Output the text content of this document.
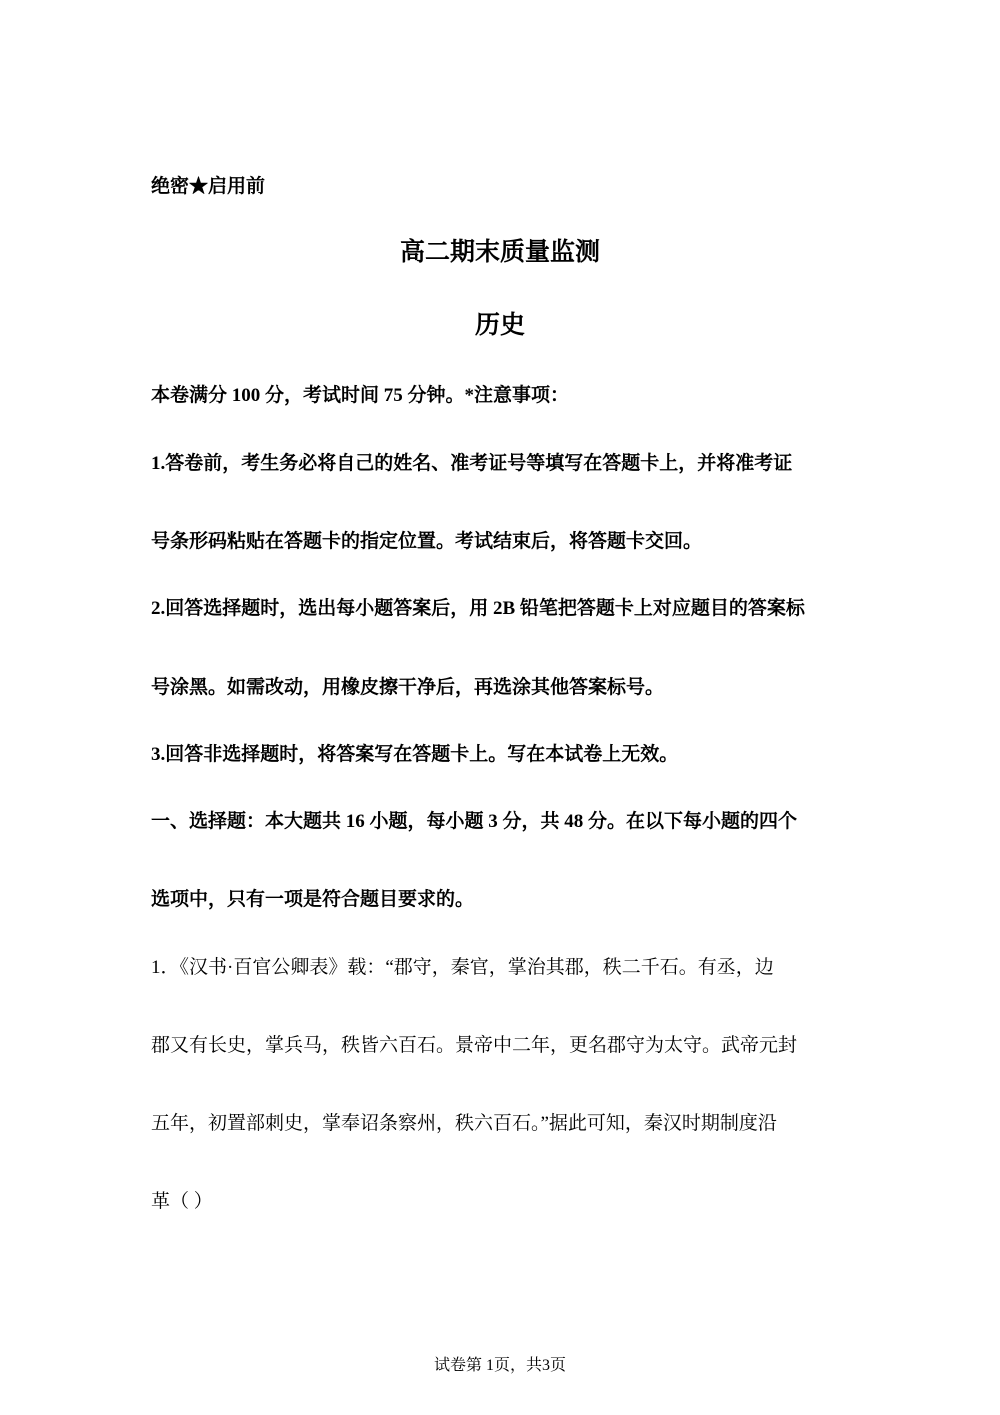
绝密★启用前
高二期末质量监测
历史
本卷满分 100 分，考试时间 75 分钟。*注意事项：
1.答卷前，考生务必将自己的姓名、准考证号等填写在答题卡上，并将准考证
号条形码粘贴在答题卡的指定位置。考试结束后，将答题卡交回。
2.回答选择题时，选出每小题答案后，用 2B 铅笔把答题卡上对应题目的答案标
号涂黑。如需改动，用橡皮擦干净后，再选涂其他答案标号。
3.回答非选择题时，将答案写在答题卡上。写在本试卷上无效。
一、选择题：本大题共 16 小题，每小题 3 分，共 48 分。在以下每小题的四个
选项中，只有一项是符合题目要求的。
1．《汉书·百官公卿表》载：“郡守，秦官，掌治其郡，秩二千石。有丞，边
郡又有长史，掌兵马，秩皆六百石。景帝中二年，更名郡守为太守。武帝元封
五年，初置部刺史，掌奉诏条察州，秩六百石。”据此可知，秦汉时期制度沿
革（ ）
试卷第 1页，共3页
